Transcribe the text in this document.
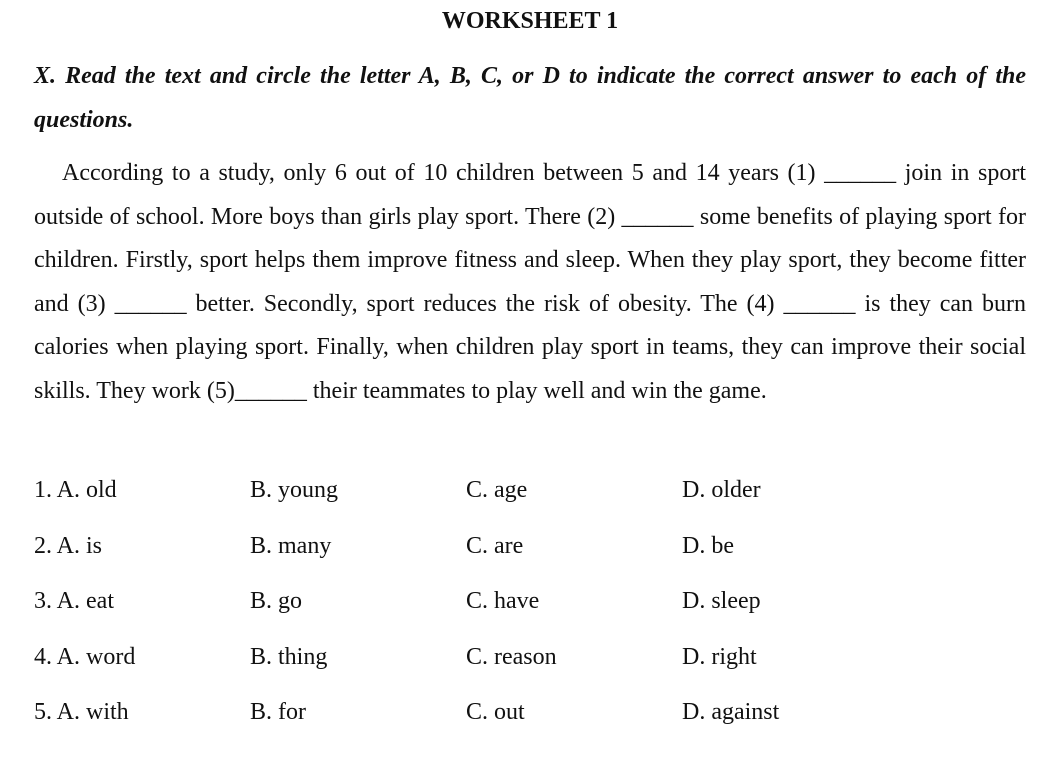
WORKSHEET 1
X. Read the text and circle the letter A, B, C, or D to indicate the correct answer to each of the questions.
According to a study, only 6 out of 10 children between 5 and 14 years (1) ______ join in sport outside of school. More boys than girls play sport. There (2) ______ some benefits of playing sport for children. Firstly, sport helps them improve fitness and sleep. When they play sport, they become fitter and (3) ______ better. Secondly, sport reduces the risk of obesity. The (4) ______ is they can burn calories when playing sport. Finally, when children play sport in teams, they can improve their social skills. They work (5)______ their teammates to play well and win the game.
1. A. old	B. young	C. age	D. older
2. A. is	B. many	C. are	D. be
3. A. eat	B. go	C. have	D. sleep
4. A. word	B. thing	C. reason	D. right
5. A. with	B. for	C. out	D. against
